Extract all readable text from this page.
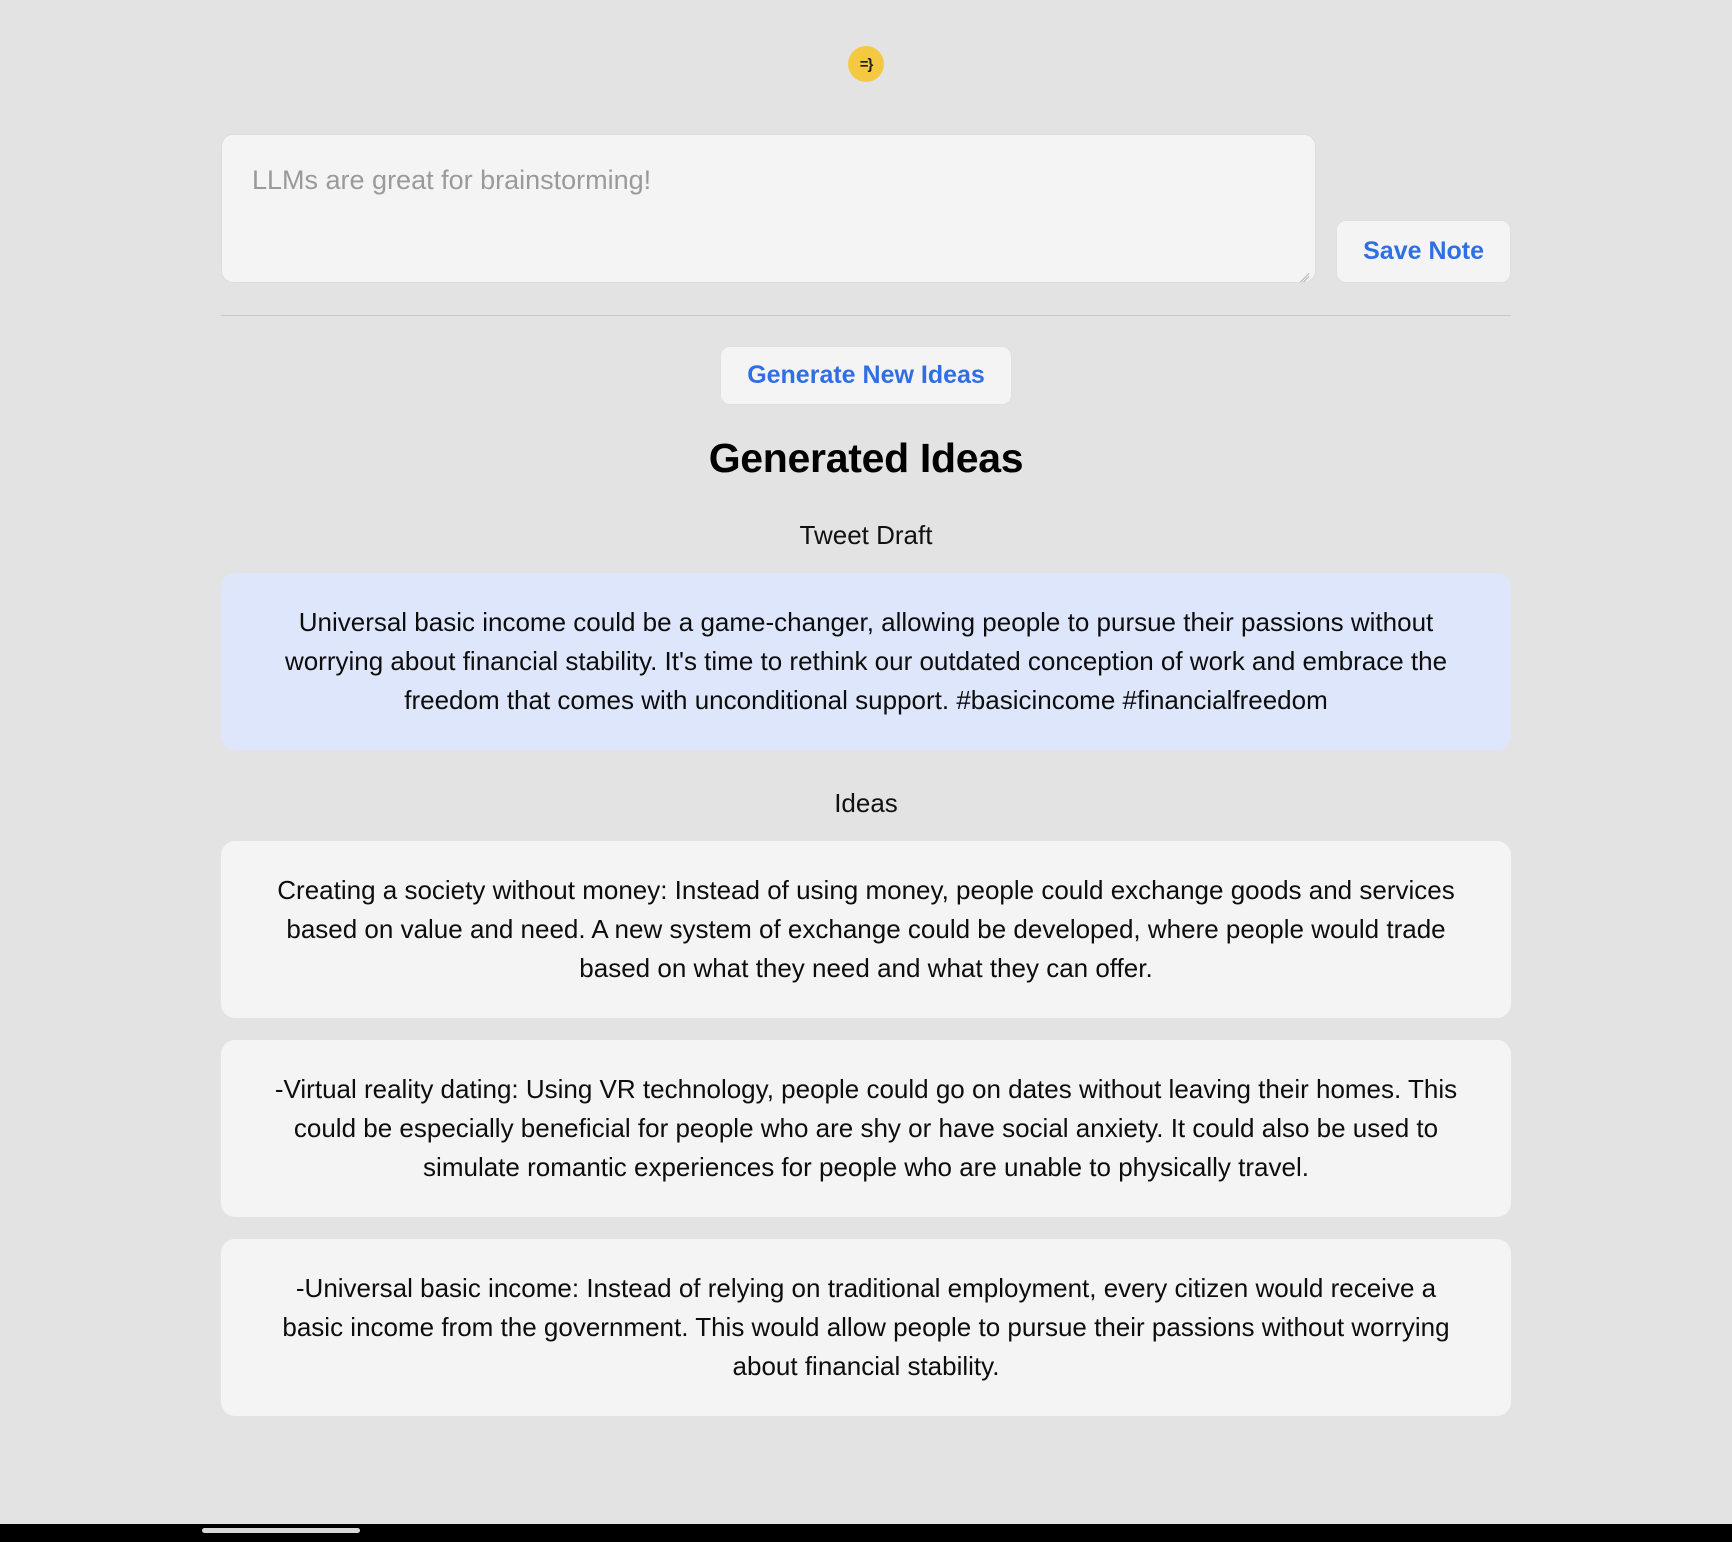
=}
LLMs are great for brainstorming!
Save Note
Generate New Ideas
Generated Ideas
Tweet Draft
Universal basic income could be a game-changer, allowing people to pursue their passions without worrying about financial stability. It's time to rethink our outdated conception of work and embrace the freedom that comes with unconditional support. #basicincome #financialfreedom
Ideas
Creating a society without money: Instead of using money, people could exchange goods and services based on value and need. A new system of exchange could be developed, where people would trade based on what they need and what they can offer.
-Virtual reality dating: Using VR technology, people could go on dates without leaving their homes. This could be especially beneficial for people who are shy or have social anxiety. It could also be used to simulate romantic experiences for people who are unable to physically travel.
-Universal basic income: Instead of relying on traditional employment, every citizen would receive a basic income from the government. This would allow people to pursue their passions without worrying about financial stability.
